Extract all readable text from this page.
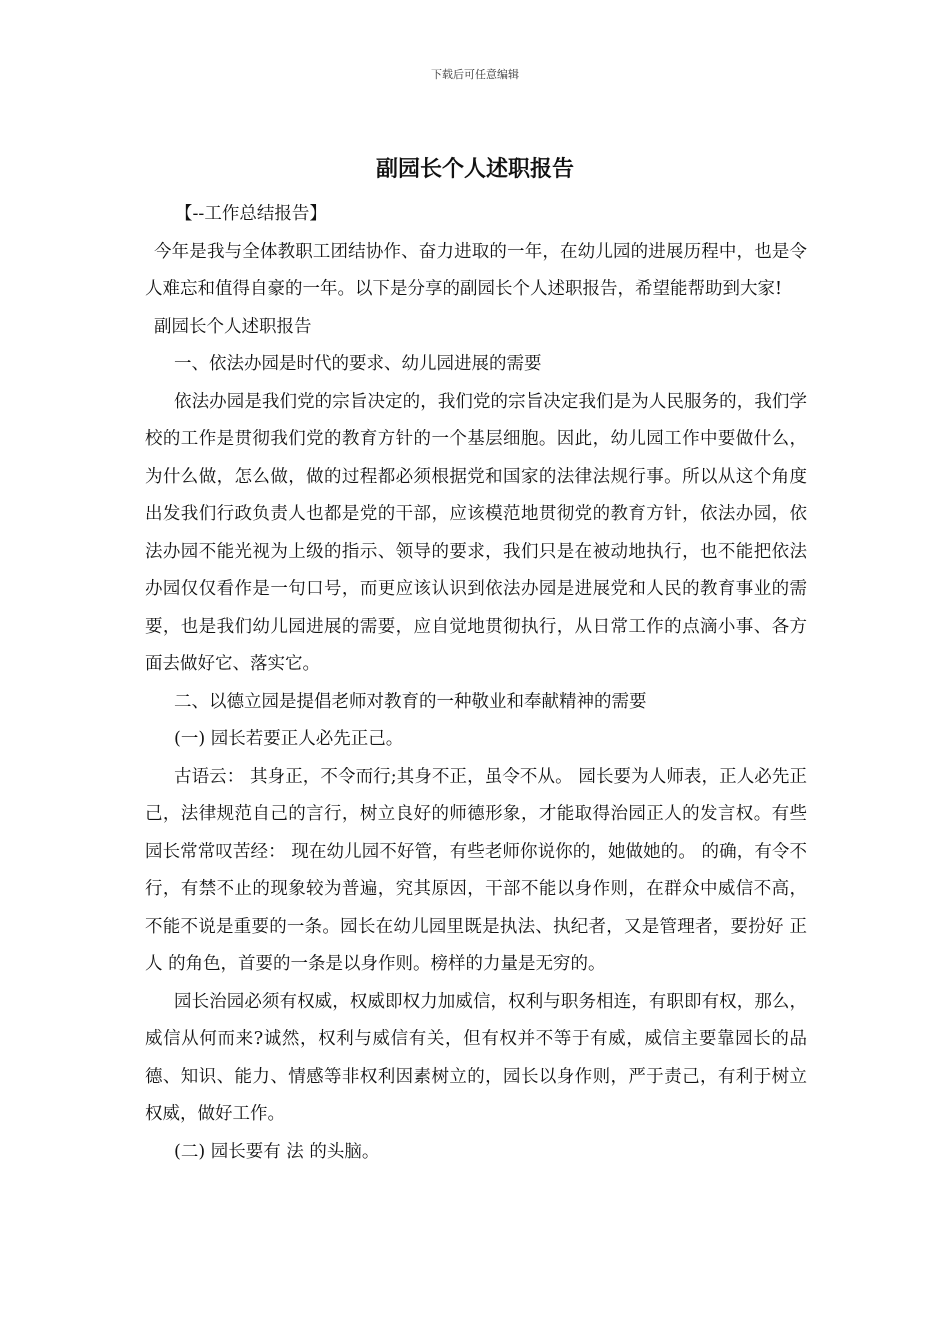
下载后可任意编辑
副园长个人述职报告

【--工作总结报告】

今年是我与全体教职工团结协作、奋力进取的一年，在幼儿园的进展历程中，也是令人难忘和值得自豪的一年。以下是分享的副园长个人述职报告，希望能帮助到大家!

副园长个人述职报告

一、依法办园是时代的要求、幼儿园进展的需要

依法办园是我们党的宗旨决定的，我们党的宗旨决定我们是为人民服务的，我们学校的工作是贯彻我们党的教育方针的一个基层细胞。因此，幼儿园工作中要做什么，为什么做，怎么做，做的过程都必须根据党和国家的法律法规行事。所以从这个角度出发我们行政负责人也都是党的干部，应该模范地贯彻党的教育方针，依法办园，依法办园不能光视为上级的指示、领导的要求，我们只是在被动地执行，也不能把依法办园仅仅看作是一句口号，而更应该认识到依法办园是进展党和人民的教育事业的需要，也是我们幼儿园进展的需要，应自觉地贯彻执行，从日常工作的点滴小事、各方面去做好它、落实它。

二、以德立园是提倡老师对教育的一种敬业和奉献精神的需要

(一) 园长若要正人必先正己。

古语云： 其身正，不令而行;其身不正，虽令不从。 园长要为人师表，正人必先正己，法律规范自己的言行，树立良好的师德形象，才能取得治园正人的发言权。有些园长常常叹苦经： 现在幼儿园不好管，有些老师你说你的，她做她的。 的确，有令不行，有禁不止的现象较为普遍，究其原因，干部不能以身作则，在群众中威信不高，不能不说是重要的一条。园长在幼儿园里既是执法、执纪者，又是管理者，要扮好 正人 的角色，首要的一条是以身作则。榜样的力量是无穷的。

园长治园必须有权威，权威即权力加威信，权利与职务相连，有职即有权，那么，威信从何而来?诚然，权利与威信有关，但有权并不等于有威，威信主要靠园长的品德、知识、能力、情感等非权利因素树立的，园长以身作则，严于责己，有利于树立权威，做好工作。

(二) 园长要有 法 的头脑。
